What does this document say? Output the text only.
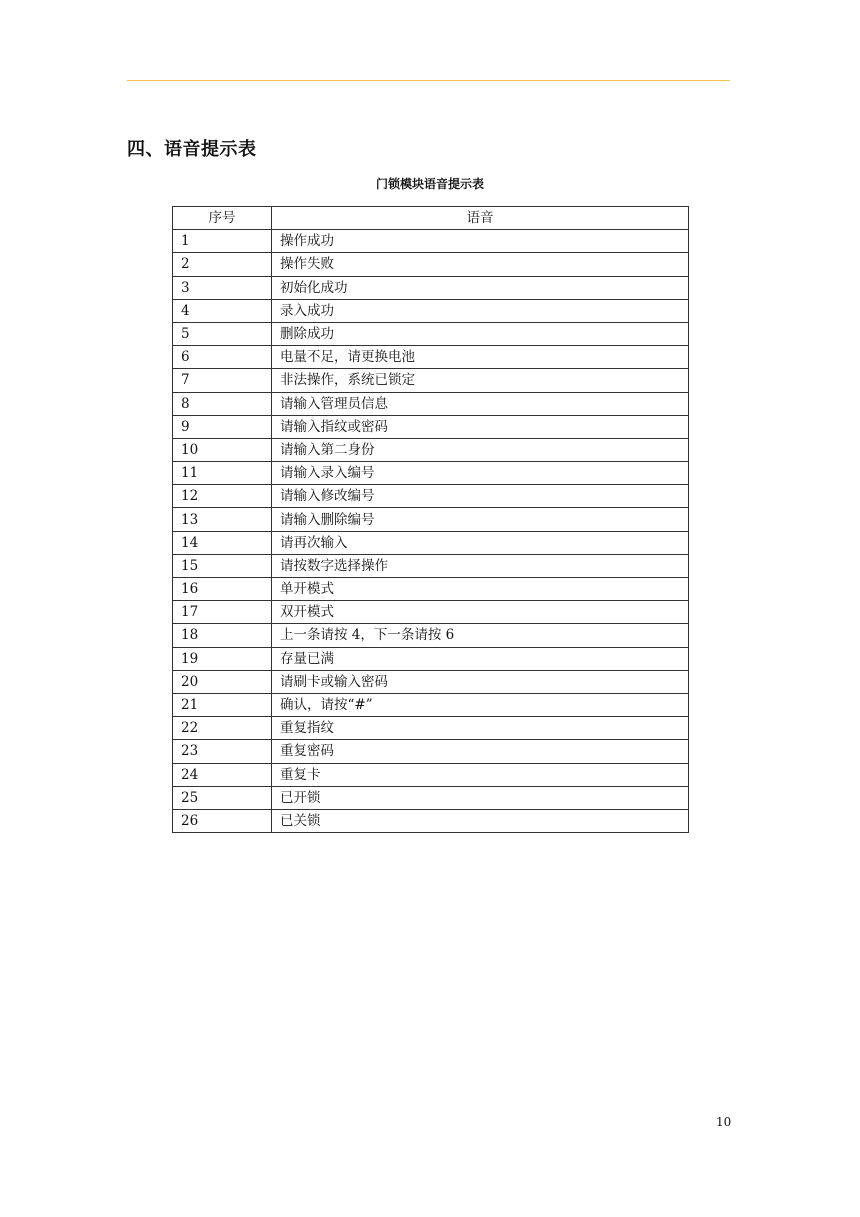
四、语音提示表
门锁模块语音提示表
序号	语音
1	操作成功
2	操作失败
3	初始化成功
4	录入成功
5	删除成功
6	电量不足，请更换电池
7	非法操作，系统已锁定
8	请输入管理员信息
9	请输入指纹或密码
10	请输入第二身份
11	请输入录入编号
12	请输入修改编号
13	请输入删除编号
14	请再次输入
15	请按数字选择操作
16	单开模式
17	双开模式
18	上一条请按 4，下一条请按 6
19	存量已满
20	请刷卡或输入密码
21	确认，请按“#”
22	重复指纹
23	重复密码
24	重复卡
25	已开锁
26	已关锁
10
